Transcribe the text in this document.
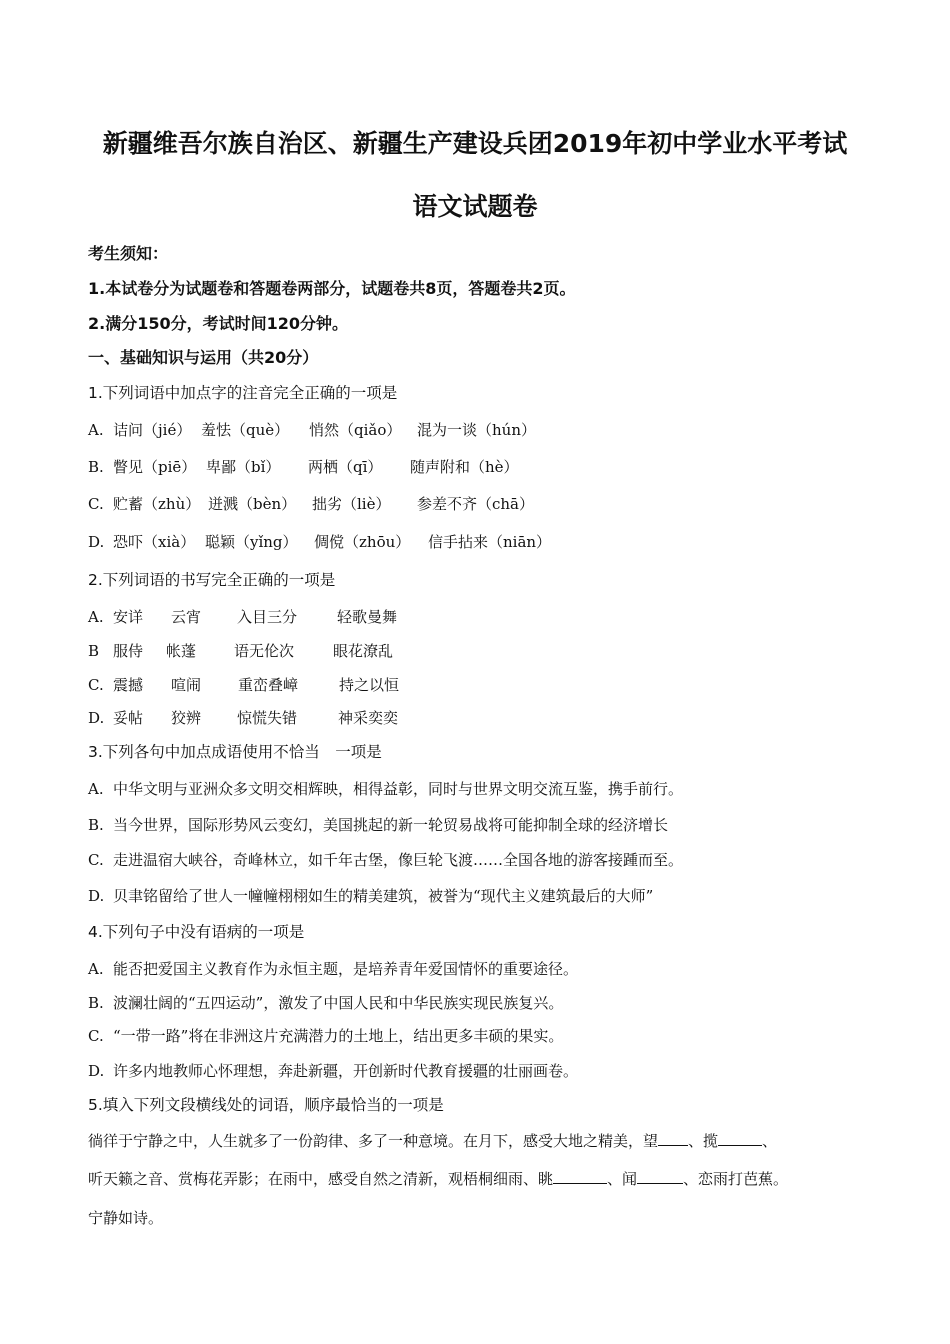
新疆维吾尔族自治区、新疆生产建设兵团2019年初中学业水平考试
语文试题卷
考生须知：
1.本试卷分为试题卷和答题卷两部分，试题卷共8页，答题卷共2页。
2.满分150分，考试时间120分钟。
一、基础知识与运用（共20分）
1.下列词语中加点字的注音完全正确的一项是
A. 诘问（jié） 羞怯（què） 悄然（qiǎo） 混为一谈（hún）
B. 瞥见（piē） 卑鄙（bǐ） 两栖（qī） 随声附和（hè）
C. 贮蓄（zhù） 迸溅（bèn） 拙劣（liè） 参差不齐（chā）
D. 恐吓（xià） 聪颖（yǐng） 倜傥（zhōu） 信手拈来（niān）
2.下列词语的书写完全正确的一项是
A. 安详 云宵 入目三分	轻歌曼舞
B 服侍 帐蓬	语无伦次	眼花潦乱
C. 震撼 喧闹 重峦叠嶂	持之以恒
D. 妥帖 狡辨 惊慌失错	神采奕奕
3.下列各句中加点成语使用不恰当　一项是
A. 中华文明与亚洲众多文明交相辉映，相得益彰，同时与世界文明交流互鉴，携手前行。
B. 当今世界，国际形势风云变幻，美国挑起的新一轮贸易战将可能抑制全球的经济增长
C. 走进温宿大峡谷，奇峰林立，如千年古堡，像巨轮飞渡……全国各地的游客接踵而至。
D. 贝聿铭留给了世人一幢幢栩栩如生的精美建筑，被誉为“现代主义建筑最后的大师”
4.下列句子中没有语病的一项是
A. 能否把爱国主义教育作为永恒主题，是培养青年爱国情怀的重要途径。
B. 波澜壮阔的“五四运动”，激发了中国人民和中华民族实现民族复兴。
C. “一带一路”将在非洲这片充满潜力的土地上，结出更多丰硕的果实。
D. 许多内地教师心怀理想，奔赴新疆，开创新时代教育援疆的壮丽画卷。
5.填入下列文段横线处的词语，顺序最恰当的一项是
徜徉于宁静之中，人生就多了一份韵律、多了一种意境。在月下，感受大地之精美，望 、揽	、
听天籁之音、赏梅花弄影；在雨中，感受自然之清新，观梧桐细雨、眺	、闻	、恋雨打芭蕉。
宁静如诗。
